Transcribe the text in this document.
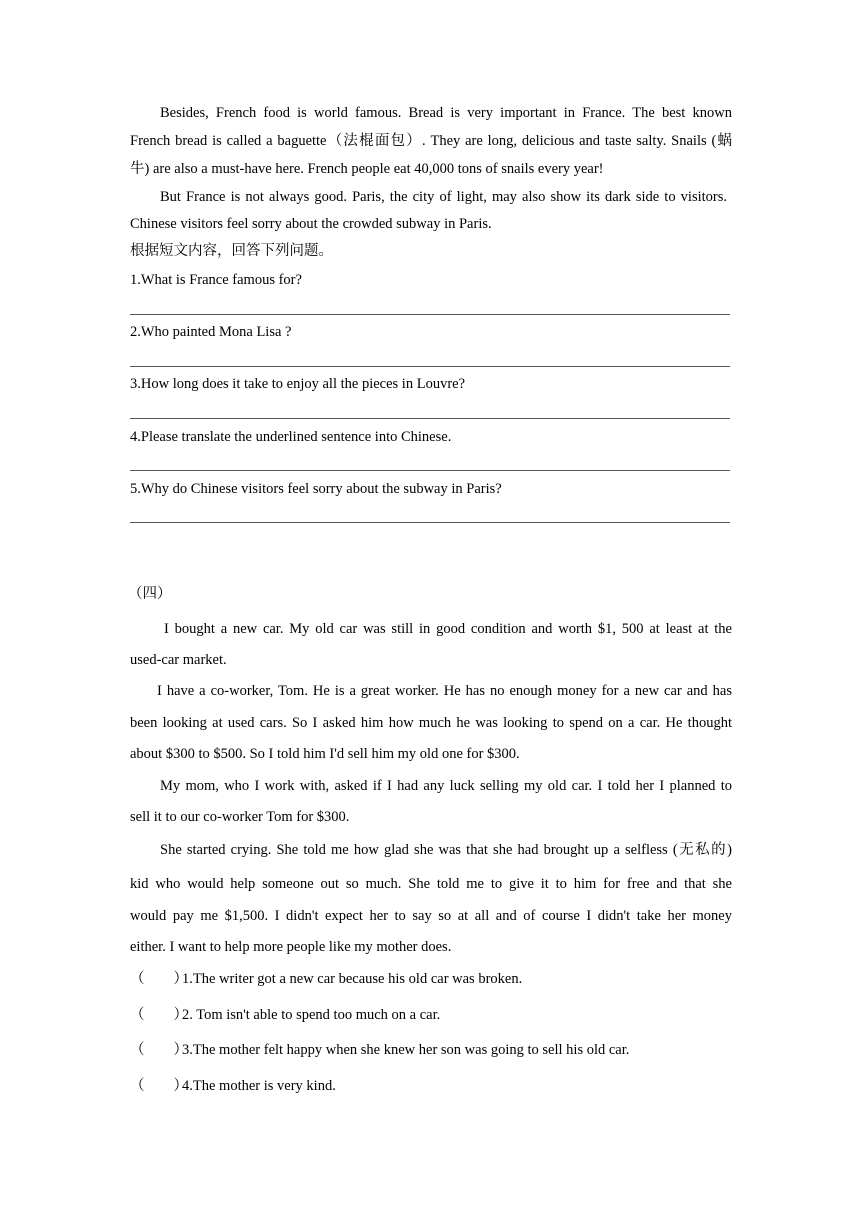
Besides, French food is world famous. Bread is very important in France. The best known
French bread is called a baguette（法棍面包）. They are long, delicious and taste salty. Snails (蜗
牛) are also a must-have here. French people eat 40,000 tons of snails every year!
But France is not always good. Paris, the city of light, may also show its dark side to visitors.
Chinese visitors feel sorry about the crowded subway in Paris.
根据短文内容，回答下列问题。
1.What is France famous for?
2.Who painted Mona Lisa ?
3.How long does it take to enjoy all the pieces in Louvre?
4.Please translate the underlined sentence into Chinese.
5.Why do Chinese visitors feel sorry about the subway in Paris?
（四）
I bought a new car. My old car was still in good condition and worth $1, 500 at least at the
used-car market.
I have a co-worker, Tom. He is a great worker. He has no enough money for a new car and has
been looking at used cars. So I asked him how much he was looking to spend on a car. He thought
about $300 to $500. So I told him I'd sell him my old one for $300.
My mom, who I work with, asked if I had any luck selling my old car. I told her I planned to
sell it to our co-worker Tom for $300.
She started crying. She told me how glad she was that she had brought up a selfless (无私的)
kid who would help someone out so much. She told me to give it to him for free and that she
would pay me $1,500. I didn't expect her to say so at all and of course I didn't take her money
either. I want to help more people like my mother does.
（　　）1.The writer got a new car because his old car was broken.
（　　）2. Tom isn't able to spend too much on a car.
（　　）3.The mother felt happy when she knew her son was going to sell his old car.
（　　）4.The mother is very kind.
